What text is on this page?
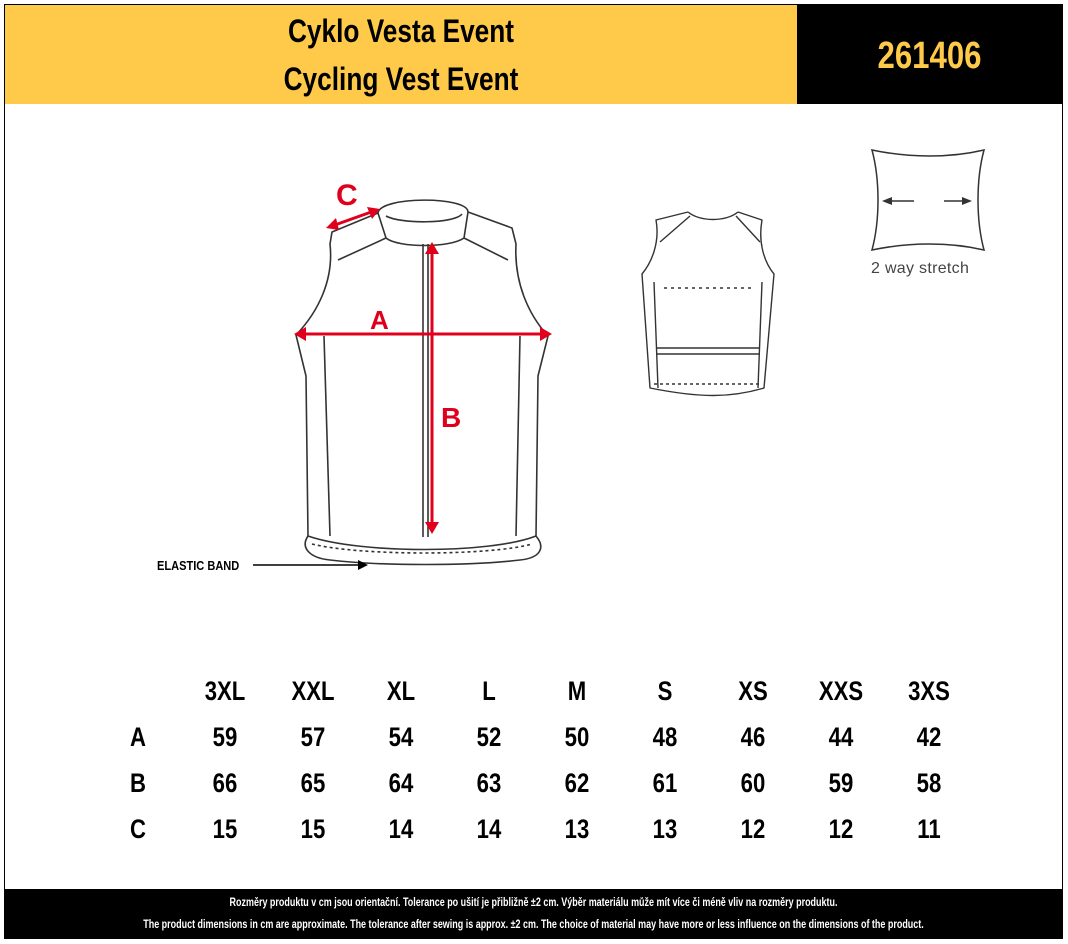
Cyklo Vesta Event
Cycling Vest Event
261406
C
A
B
ELASTIC BAND
2 way stretch
	3XL	XXL	XL	L	M	S	XS	XXS	3XS
A	59	57	54	52	50	48	46	44	42
B	66	65	64	63	62	61	60	59	58
C	15	15	14	14	13	13	12	12	11
Rozměry produktu v cm jsou orientační. Tolerance po ušití je přibližně ±2 cm. Výběr materiálu může mít více či méně vliv na rozměry produktu.
The product dimensions in cm are approximate. The tolerance after sewing is approx. ±2 cm. The choice of material may have more or less influence on the dimensions of the product.
